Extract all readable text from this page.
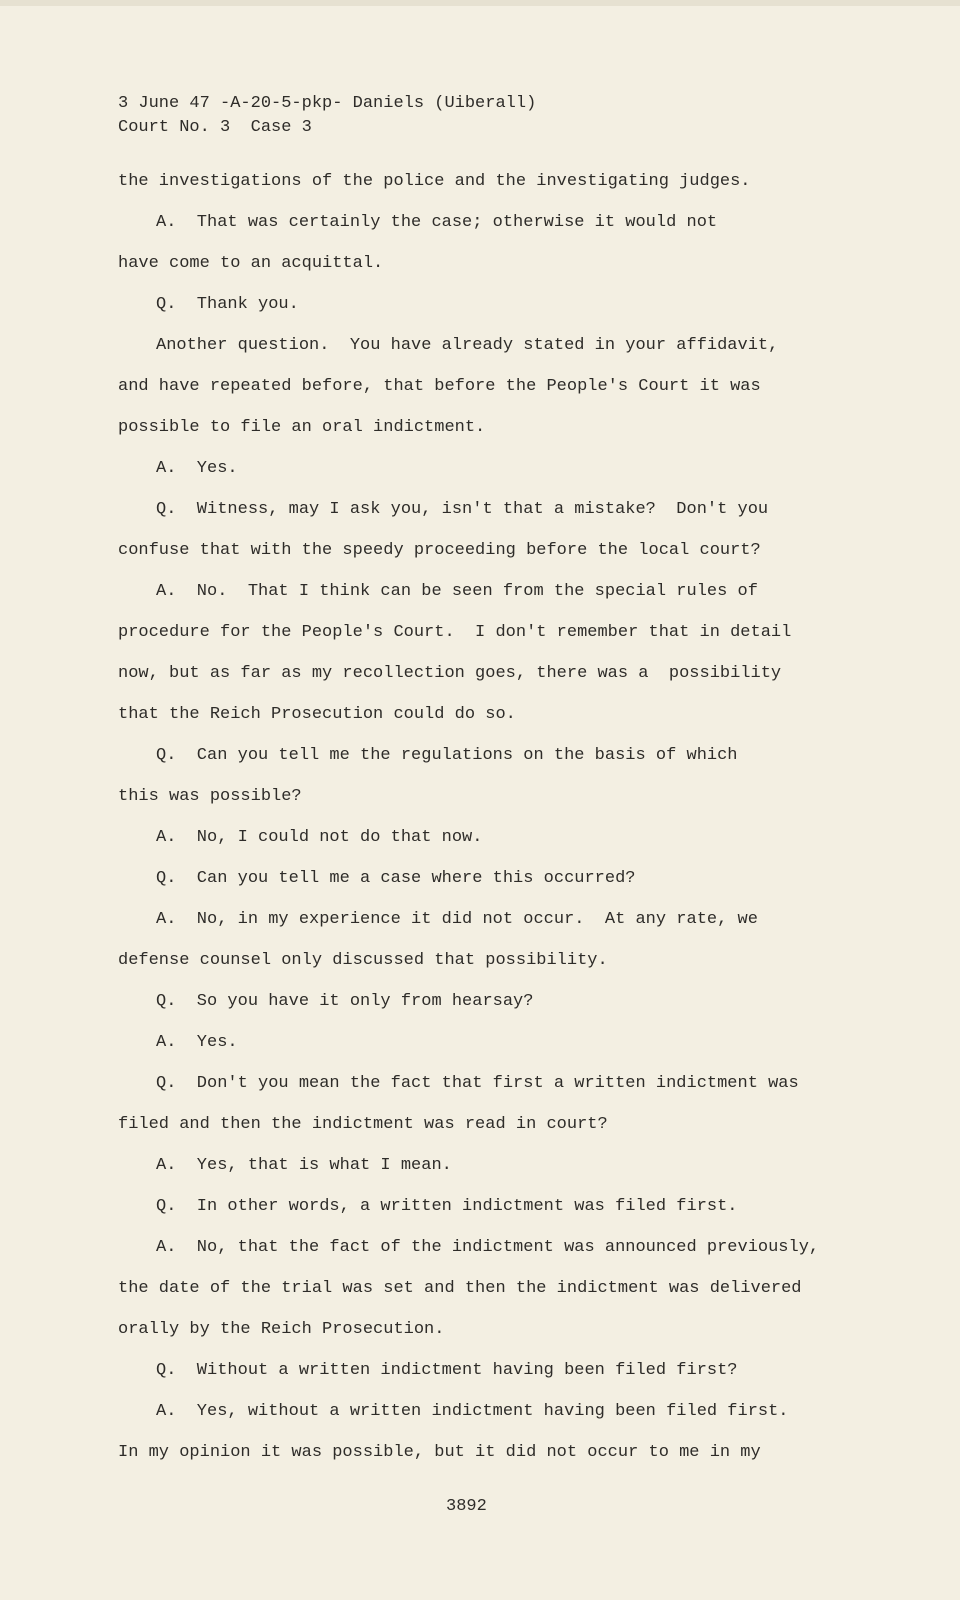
3 June 47 -A-20-5-pkp- Daniels (Uiberall)
Court No. 3  Case 3
the investigations of the police and the investigating judges.
A.  That was certainly the case; otherwise it would not
have come to an acquittal.
Q.  Thank you.
Another question.  You have already stated in your affidavit,
and have repeated before, that before the People's Court it was
possible to file an oral indictment.
A.  Yes.
Q.  Witness, may I ask you, isn't that a mistake?  Don't you
confuse that with the speedy proceeding before the local court?
A.  No.  That I think can be seen from the special rules of
procedure for the People's Court.  I don't remember that in detail
now, but as far as my recollection goes, there was a  possibility
that the Reich Prosecution could do so.
Q.  Can you tell me the regulations on the basis of which
this was possible?
A.  No, I could not do that now.
Q.  Can you tell me a case where this occurred?
A.  No, in my experience it did not occur.  At any rate, we
defense counsel only discussed that possibility.
Q.  So you have it only from hearsay?
A.  Yes.
Q.  Don't you mean the fact that first a written indictment was
filed and then the indictment was read in court?
A.  Yes, that is what I mean.
Q.  In other words, a written indictment was filed first.
A.  No, that the fact of the indictment was announced previously,
the date of the trial was set and then the indictment was delivered
orally by the Reich Prosecution.
Q.  Without a written indictment having been filed first?
A.  Yes, without a written indictment having been filed first.
In my opinion it was possible, but it did not occur to me in my
3892
